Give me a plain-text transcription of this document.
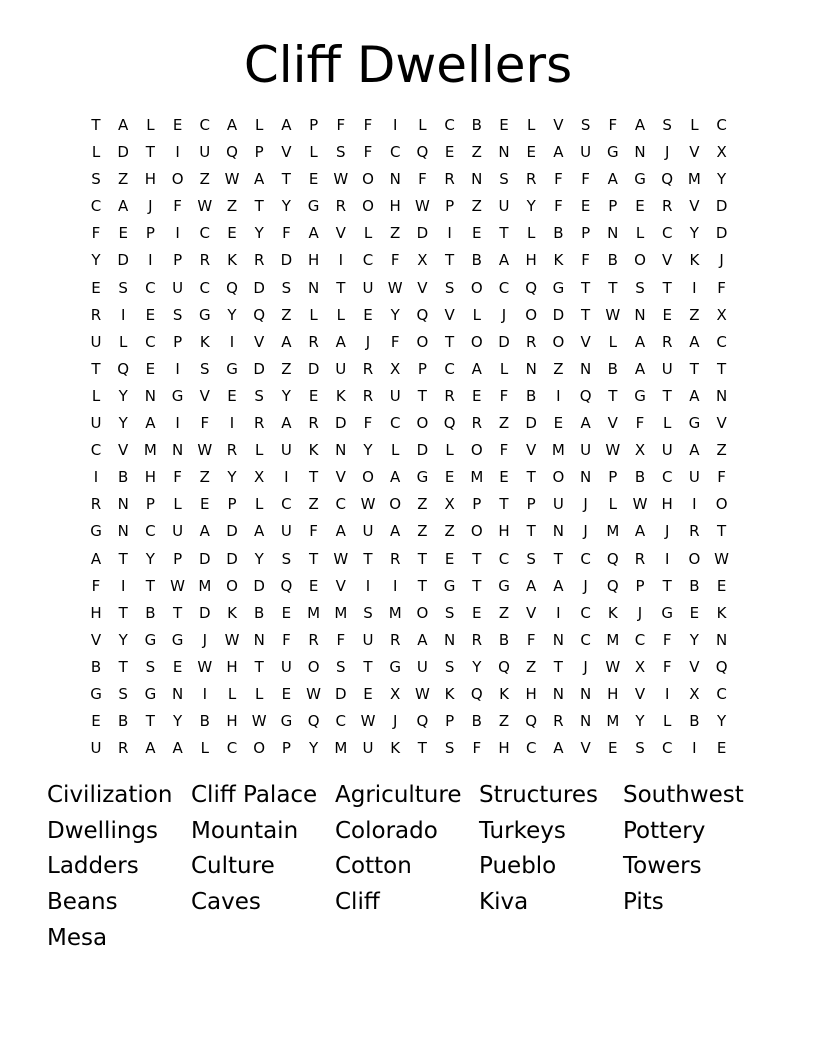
Cliff Dwellers
T	A	L	E	C	A	L	A	P	F	F	I	L	C	B	E	L	V	S	F	A	S	L	C
L	D	T	I	U	Q	P	V	L	S	F	C	Q	E	Z	N	E	A	U	G	N	J	V	X
S	Z	H	O	Z W A	T	E	W O	N	F	R	N	S	R	F	F	A	G	Q M	Y
C	A	J	F	W Z	T	Y	G	R	O	H W	P	Z	U	Y	F	E	P	E	R	V	D
F	E	P	I	C	E	Y	F	A	V	L	Z	D	I	E	T	L	B	P	N	L	C	Y	D
Y	D	I	P	R	K	R	D	H	I	C	F	X	T	B	A	H	K	F	B	O	V	K	J
E	S	C	U	C	Q	D	S	N	T	U W V	S	O	C	Q	G	T	T	S	T	I	F
R	I	E	S	G	Y	Q	Z	L	L	E	Y	Q	V	L	J	O	D	T	W N	E	Z	X
U	L	C	P	K	I	V	A	R	A	J	F	O	T	O	D	R	O	V	L	A	R	A	C
T	Q	E	I	S	G	D	Z	D	U	R	X	P	C	A	L	N	Z	N	B	A	U	T	T
L	Y	N	G	V	E	S	Y	E	K	R	U	T	R	E	F	B	I	Q	T	G	T	A	N
U	Y	A	I	F	I	R	A	R	D	F	C	O	Q	R	Z	D	E	A	V	F	L	G	V
C	V	M	N W R	L	U	K	N	Y	L	D	L	O	F	V	M	U W X	U	A	Z
I	B	H	F	Z	Y	X	I	T	V	O	A	G	E	M	E	T	O	N	P	B	C	U	F
R	N	P	L	E	P	L	C	Z	C W O	Z	X	P	T	P	U	J	L	W H	I	O
G	N	C	U	A	D	A	U	F	A	U	A	Z	Z	O	H	T	N	J	M	A	J	R	T
A	T	Y	P	D	D	Y	S	T	W	T	R	T	E	T	C	S	T	C	Q	R	I	O W
F	I	T	W M O	D	Q	E	V	I	I	T	G	T	G	A	A	J	Q	P	T	B	E
H	T	B	T	D	K	B	E	M M	S	M O	S	E	Z	V	I	C	K	J	G	E	K
V	Y	G	G	J	W N	F	R	F	U	R	A	N	R	B	F	N	C	M	C	F	Y	N
B	T	S	E	W H	T	U	O	S	T	G	U	S	Y	Q	Z	T	J	W X	F	V	Q
G	S	G	N	I	L	L	E	W D	E	X W K	Q	K	H	N	N	H	V	I	X	C
E	B	T	Y	B	H W G	Q	C W	J	Q	P	B	Z	Q	R	N	M	Y	L	B	Y
U	R	A	A	L	C	O	P	Y	M	U	K	T	S	F	H	C	A	V	E	S	C	I	E
Civilization Cliff Palace Agriculture Structures Southwest
Dwellings Mountain Colorado Turkeys Pottery
Ladders Culture	Cotton	Pueblo	Towers
Beans	Caves	Cliff	Kiva	Pits
Mesa
